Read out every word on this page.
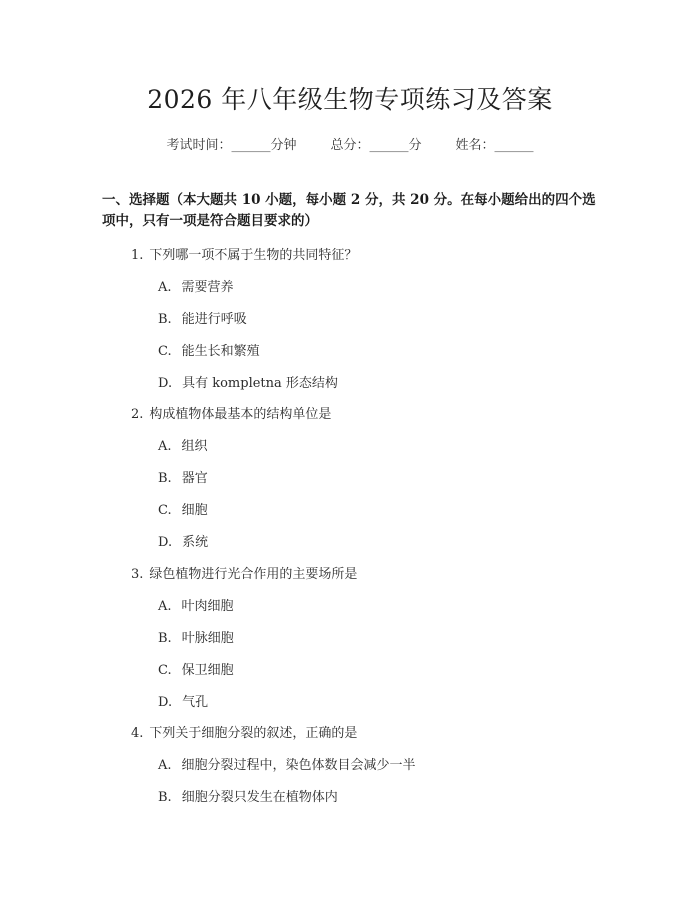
2026 年八年级生物专项练习及答案
考试时间：______分钟	总分：______分	姓名：______
一、选择题（本大题共 10 小题，每小题 2 分，共 20 分。在每小题给出的四个选项中，只有一项是符合题目要求的）
1. 下列哪一项不属于生物的共同特征？
A. 需要营养
B. 能进行呼吸
C. 能生长和繁殖
D. 具有 kompletna 形态结构
2. 构成植物体最基本的结构单位是
A. 组织
B. 器官
C. 细胞
D. 系统
3. 绿色植物进行光合作用的主要场所是
A. 叶肉细胞
B. 叶脉细胞
C. 保卫细胞
D. 气孔
4. 下列关于细胞分裂的叙述，正确的是
A. 细胞分裂过程中，染色体数目会减少一半
B. 细胞分裂只发生在植物体内
